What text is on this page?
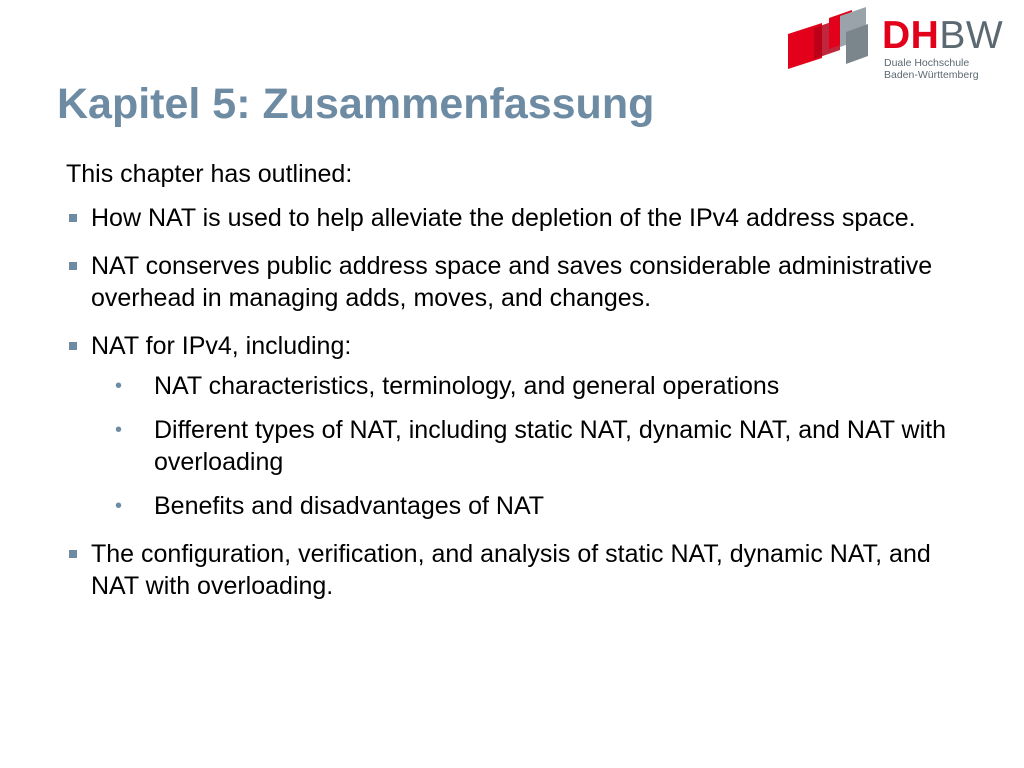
DHBW
Duale Hochschule
Baden-Württemberg
Kapitel 5: Zusammenfassung

This chapter has outlined:

How NAT is used to help alleviate the depletion of the IPv4 address space.
NAT conserves public address space and saves considerable administrative overhead in managing adds, moves, and changes.
NAT for IPv4, including:
• NAT characteristics, terminology, and general operations
• Different types of NAT, including static NAT, dynamic NAT, and NAT with overloading
• Benefits and disadvantages of NAT
The configuration, verification, and analysis of static NAT, dynamic NAT, and NAT with overloading.
